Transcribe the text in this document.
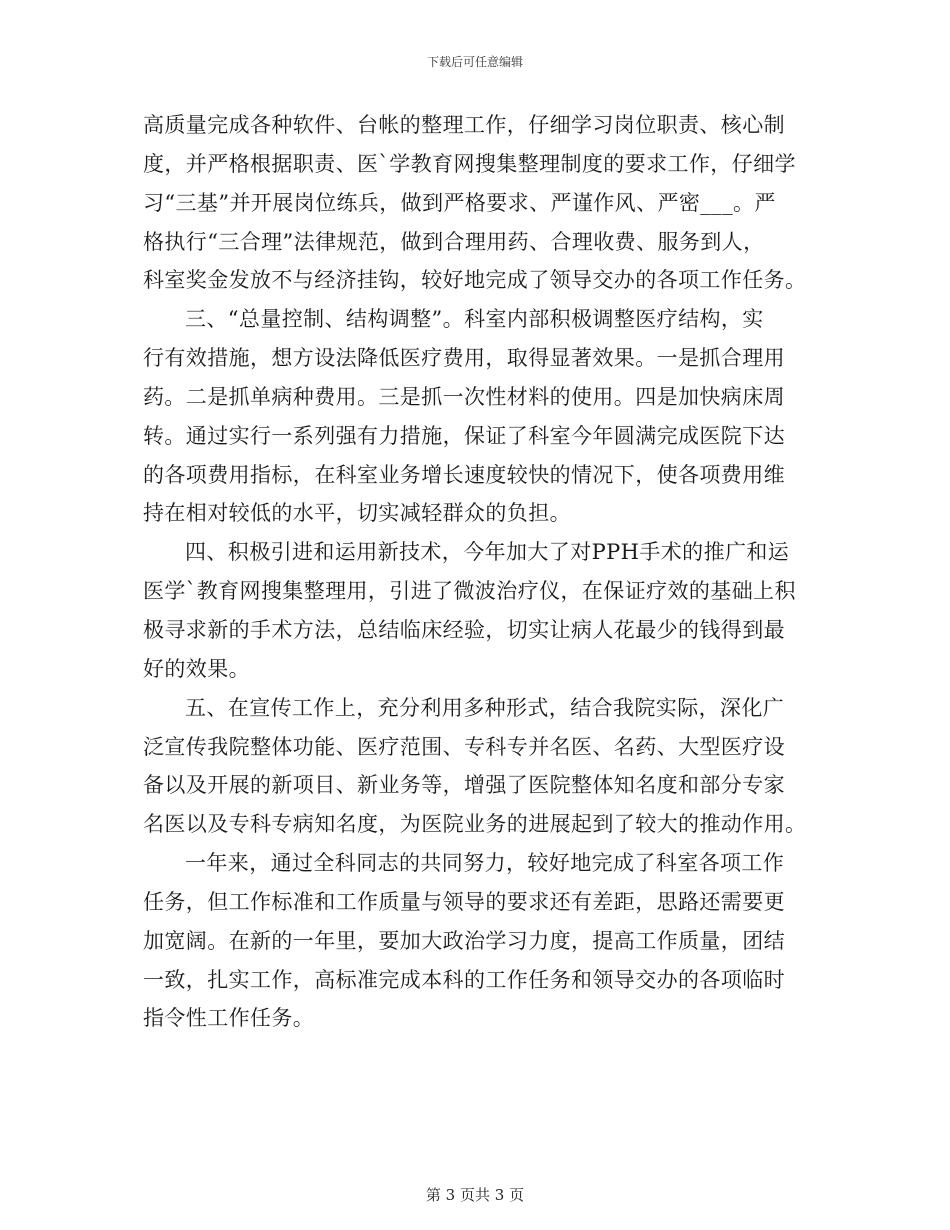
下载后可任意编辑
高质量完成各种软件、台帐的整理工作，仔细学习岗位职责、核心制
度，并严格根据职责、医`学教育网搜集整理制度的要求工作，仔细学
习“三基”并开展岗位练兵，做到严格要求、严谨作风、严密___。严
格执行“三合理”法律规范，做到合理用药、合理收费、服务到人，
科室奖金发放不与经济挂钩，较好地完成了领导交办的各项工作任务。
三、“总量控制、结构调整”。科室内部积极调整医疗结构，实
行有效措施，想方设法降低医疗费用，取得显著效果。一是抓合理用
药。二是抓单病种费用。三是抓一次性材料的使用。四是加快病床周
转。通过实行一系列强有力措施，保证了科室今年圆满完成医院下达
的各项费用指标，在科室业务增长速度较快的情况下，使各项费用维
持在相对较低的水平，切实减轻群众的负担。
四、积极引进和运用新技术，今年加大了对PPH手术的推广和运
医学`教育网搜集整理用，引进了微波治疗仪，在保证疗效的基础上积
极寻求新的手术方法，总结临床经验，切实让病人花最少的钱得到最
好的效果。
五、在宣传工作上，充分利用多种形式，结合我院实际，深化广
泛宣传我院整体功能、医疗范围、专科专并名医、名药、大型医疗设
备以及开展的新项目、新业务等，增强了医院整体知名度和部分专家
名医以及专科专病知名度，为医院业务的进展起到了较大的推动作用。
一年来，通过全科同志的共同努力，较好地完成了科室各项工作
任务，但工作标准和工作质量与领导的要求还有差距，思路还需要更
加宽阔。在新的一年里，要加大政治学习力度，提高工作质量，团结
一致，扎实工作，高标准完成本科的工作任务和领导交办的各项临时
指令性工作任务。
第 3 页共 3 页
